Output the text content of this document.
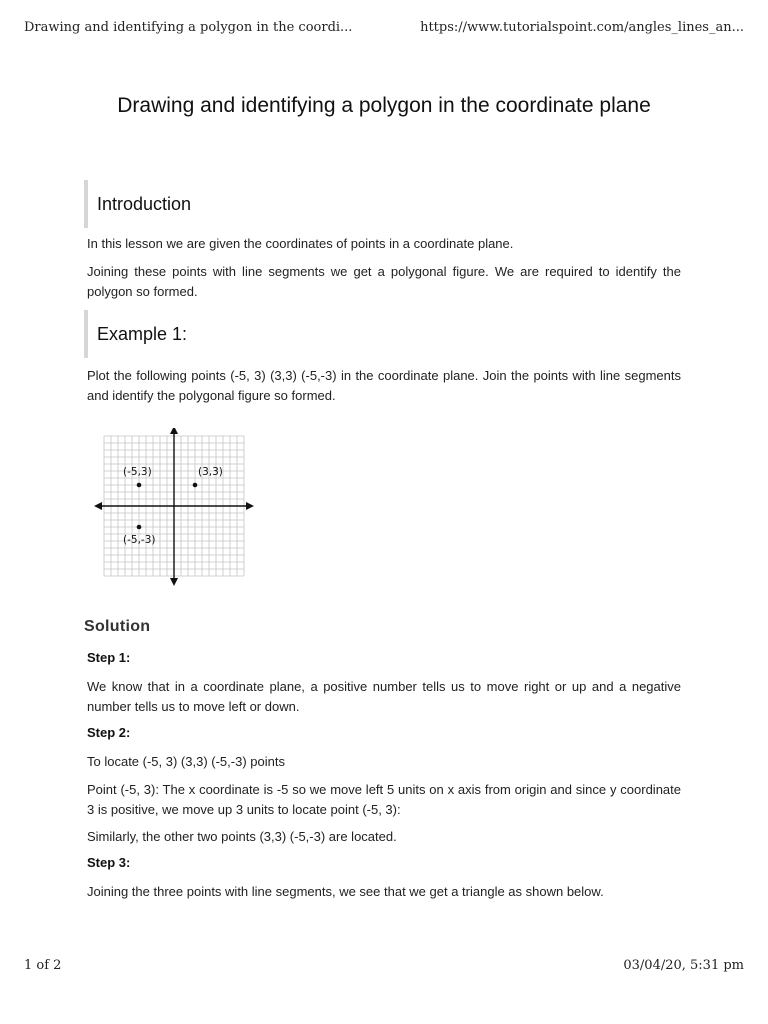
Drawing and identifying a polygon in the coordi...	https://www.tutorialspoint.com/angles_lines_an...
Drawing and identifying a polygon in the coordinate plane
Introduction

In this lesson we are given the coordinates of points in a coordinate plane.

Joining these points with line segments we get a polygonal figure. We are required to identify the polygon so formed.

Example 1:

Plot the following points (-5, 3) (3,3) (-5,-3) in the coordinate plane. Join the points with line segments and identify the polygonal figure so formed.

(-5,3)	(3,3)
(-5,-3)
Solution
Step 1:

We know that in a coordinate plane, a positive number tells us to move right or up and a negative number tells us to move left or down.

Step 2:

To locate (-5, 3) (3,3) (-5,-3) points

Point (-5, 3): The x coordinate is -5 so we move left 5 units on x axis from origin and since y coordinate 3 is positive, we move up 3 units to locate point (-5, 3):

Similarly, the other two points (3,3) (-5,-3) are located.

Step 3:

Joining the three points with line segments, we see that we get a triangle as shown below.

1 of 2	03/04/20, 5:31 pm
